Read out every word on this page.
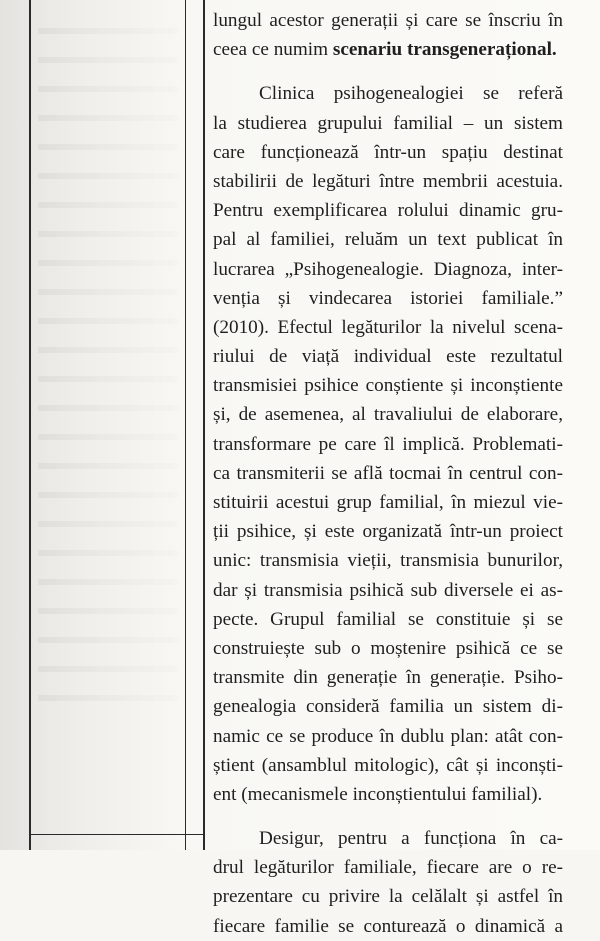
lungul acestor generații și care se înscriu în
ceea ce numim scenariu transgenerațional.
Clinica psihogenealogiei se referă
la studierea grupului familial – un sistem
care funcționează într-un spațiu destinat
stabilirii de legături între membrii acestuia.
Pentru exemplificarea rolului dinamic gru-
pal al familiei, reluăm un text publicat în
lucrarea „Psihogenealogie. Diagnoza, inter-
venția și vindecarea istoriei familiale.”
(2010). Efectul legăturilor la nivelul scena-
riului de viață individual este rezultatul
transmisiei psihice conștiente și inconștiente
și, de asemenea, al travaliului de elaborare,
transformare pe care îl implică. Problemati-
ca transmiterii se află tocmai în centrul con-
stituirii acestui grup familial, în miezul vie-
ții psihice, și este organizată într-un proiect
unic: transmisia vieții, transmisia bunurilor,
dar și transmisia psihică sub diversele ei as-
pecte. Grupul familial se constituie și se
construiește sub o moștenire psihică ce se
transmite din generație în generație. Psiho-
genealogia consideră familia un sistem di-
namic ce se produce în dublu plan: atât con-
știent (ansamblul mitologic), cât și inconști-
ent (mecanismele inconștientului familial).
Desigur, pentru a funcționa în ca-
drul legăturilor familiale, fiecare are o re-
prezentare cu privire la celălalt și astfel în
fiecare familie se conturează o dinamică a
